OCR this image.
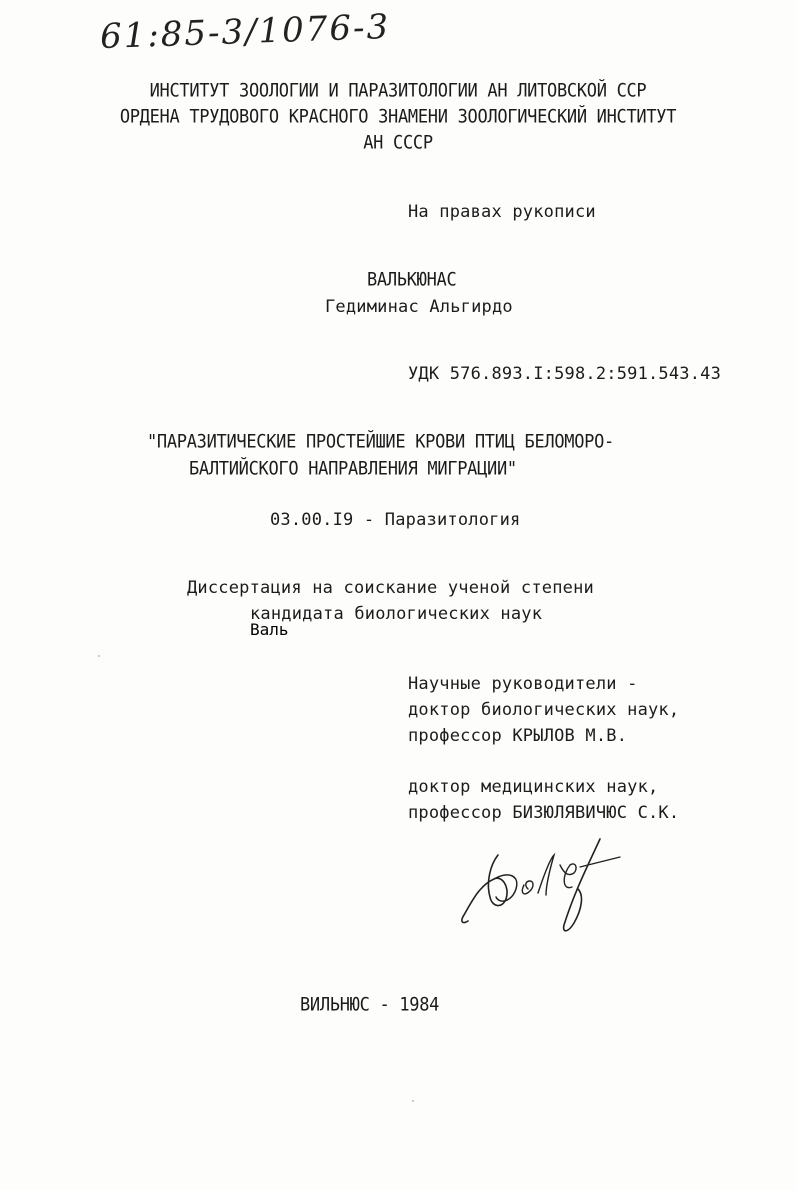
61:85-3/1076-3
ИНСТИТУТ ЗООЛОГИИ И ПАРАЗИТОЛОГИИ АН ЛИТОВСКОЙ ССР
ОРДЕНА ТРУДОВОГО КРАСНОГО ЗНАМЕНИ ЗООЛОГИЧЕСКИЙ ИНСТИТУТ
АН СССР
На правах рукописи
ВАЛЬКЮНАС
Гедиминас Альгирдо
УДК 576.893.I:598.2:591.543.43
"ПАРАЗИТИЧЕСКИЕ ПРОСТЕЙШИЕ КРОВИ ПТИЦ БЕЛОМОРО-
БАЛТИЙСКОГО НАПРАВЛЕНИЯ МИГРАЦИИ"
03.00.I9 - Паразитология
Диссертация на соискание ученой степени
кандидата биологических наук
Научные руководители -
доктор биологических наук,
профессор КРЫЛОВ М.В.
доктор медицинских наук,
профессор БИЗЮЛЯВИЧЮС С.К.
Валь
ВИЛЬНЮС - 1984
